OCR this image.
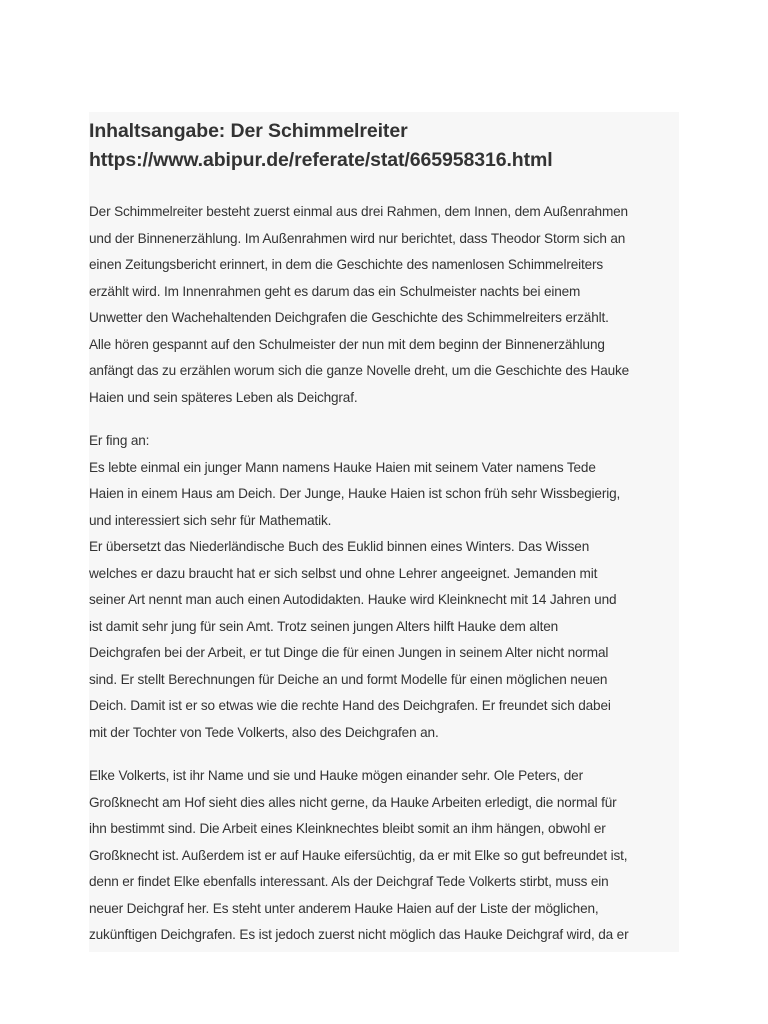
Inhaltsangabe: Der Schimmelreiter
https://www.abipur.de/referate/stat/665958316.html

Der Schimmelreiter besteht zuerst einmal aus drei Rahmen, dem Innen, dem Außenrahmen
und der Binnenerzählung. Im Außenrahmen wird nur berichtet, dass Theodor Storm sich an
einen Zeitungsbericht erinnert, in dem die Geschichte des namenlosen Schimmelreiters
erzählt wird. Im Innenrahmen geht es darum das ein Schulmeister nachts bei einem
Unwetter den Wachehaltenden Deichgrafen die Geschichte des Schimmelreiters erzählt.
Alle hören gespannt auf den Schulmeister der nun mit dem beginn der Binnenerzählung
anfängt das zu erzählen worum sich die ganze Novelle dreht, um die Geschichte des Hauke
Haien und sein späteres Leben als Deichgraf.

Er fing an:
Es lebte einmal ein junger Mann namens Hauke Haien mit seinem Vater namens Tede
Haien in einem Haus am Deich. Der Junge, Hauke Haien ist schon früh sehr Wissbegierig,
und interessiert sich sehr für Mathematik.
Er übersetzt das Niederländische Buch des Euklid binnen eines Winters. Das Wissen
welches er dazu braucht hat er sich selbst und ohne Lehrer angeeignet. Jemanden mit
seiner Art nennt man auch einen Autodidakten. Hauke wird Kleinknecht mit 14 Jahren und
ist damit sehr jung für sein Amt. Trotz seinen jungen Alters hilft Hauke dem alten
Deichgrafen bei der Arbeit, er tut Dinge die für einen Jungen in seinem Alter nicht normal
sind. Er stellt Berechnungen für Deiche an und formt Modelle für einen möglichen neuen
Deich. Damit ist er so etwas wie die rechte Hand des Deichgrafen. Er freundet sich dabei
mit der Tochter von Tede Volkerts, also des Deichgrafen an.

Elke Volkerts, ist ihr Name und sie und Hauke mögen einander sehr. Ole Peters, der
Großknecht am Hof sieht dies alles nicht gerne, da Hauke Arbeiten erledigt, die normal für
ihn bestimmt sind. Die Arbeit eines Kleinknechtes bleibt somit an ihm hängen, obwohl er
Großknecht ist. Außerdem ist er auf Hauke eifersüchtig, da er mit Elke so gut befreundet ist,
denn er findet Elke ebenfalls interessant. Als der Deichgraf Tede Volkerts stirbt, muss ein
neuer Deichgraf her. Es steht unter anderem Hauke Haien auf der Liste der möglichen,
zukünftigen Deichgrafen. Es ist jedoch zuerst nicht möglich das Hauke Deichgraf wird, da er
